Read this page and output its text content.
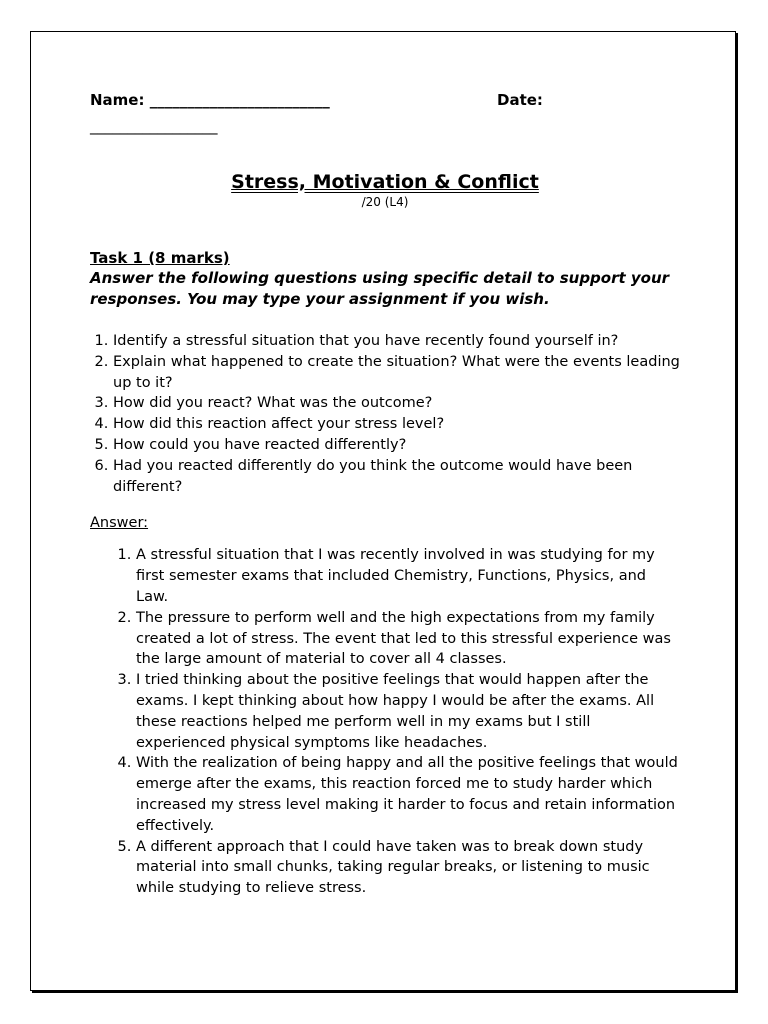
Name: ________________________	Date:
_________________
Stress, Motivation & Conflict
/20 (L4)
Task 1 (8 marks)
Answer the following questions using specific detail to support your responses. You may type your assignment if you wish.
1. Identify a stressful situation that you have recently found yourself in?
2. Explain what happened to create the situation? What were the events leading up to it?
3. How did you react? What was the outcome?
4. How did this reaction affect your stress level?
5. How could you have reacted differently?
6. Had you reacted differently do you think the outcome would have been different?
Answer:
1. A stressful situation that I was recently involved in was studying for my first semester exams that included Chemistry, Functions, Physics, and Law.
2. The pressure to perform well and the high expectations from my family created a lot of stress. The event that led to this stressful experience was the large amount of material to cover all 4 classes.
3. I tried thinking about the positive feelings that would happen after the exams. I kept thinking about how happy I would be after the exams. All these reactions helped me perform well in my exams but I still experienced physical symptoms like headaches.
4. With the realization of being happy and all the positive feelings that would emerge after the exams, this reaction forced me to study harder which increased my stress level making it harder to focus and retain information effectively.
5. A different approach that I could have taken was to break down study material into small chunks, taking regular breaks, or listening to music while studying to relieve stress.
